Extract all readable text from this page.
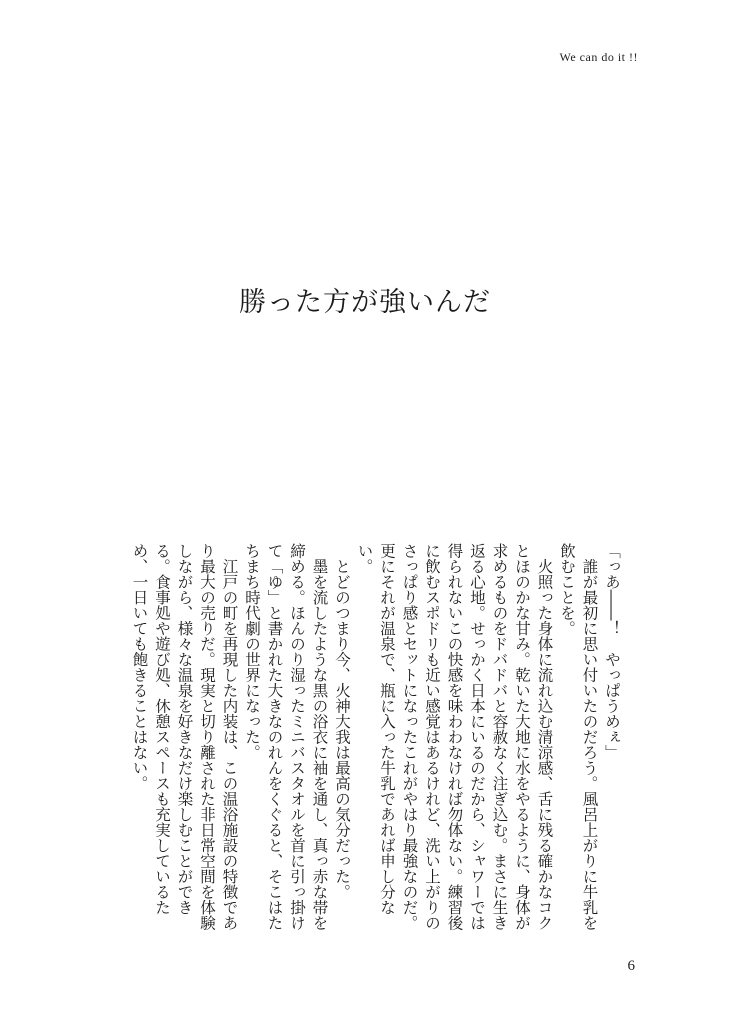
We can do it !!
勝った方が強いんだ

「っあ――！　やっぱうめぇ」

　誰が最初に思い付いたのだろう。風呂上がりに牛乳を飲むことを。

　火照った身体に流れ込む清涼感、舌に残る確かなコクとほのかな甘み。乾いた大地に水をやるように、身体が求めるものをドバドバと容赦なく注ぎ込む。まさに生き返る心地。せっかく日本にいるのだから、シャワーでは得られないこの快感を味わわなければ勿体ない。練習後に飲むスポドリも近い感覚はあるけれど、洗い上がりのさっぱり感とセットになったこれがやはり最強なのだ。更にそれが温泉で、瓶に入った牛乳であれば申し分ない。

　とどのつまり今、火神大我は最高の気分だった。

　墨を流したような黒の浴衣に袖を通し、真っ赤な帯を締める。ほんのり湿ったミニバスタオルを首に引っ掛けて「ゆ」と書かれた大きなのれんをくぐると、そこはたちまち時代劇の世界になった。

　江戸の町を再現した内装は、この温浴施設の特徴であり最大の売りだ。現実と切り離された非日常空間を体験しながら、様々な温泉を好きなだけ楽しむことができる。食事処や遊び処、休憩スペースも充実しているため、一日いても飽きることはない。

6
